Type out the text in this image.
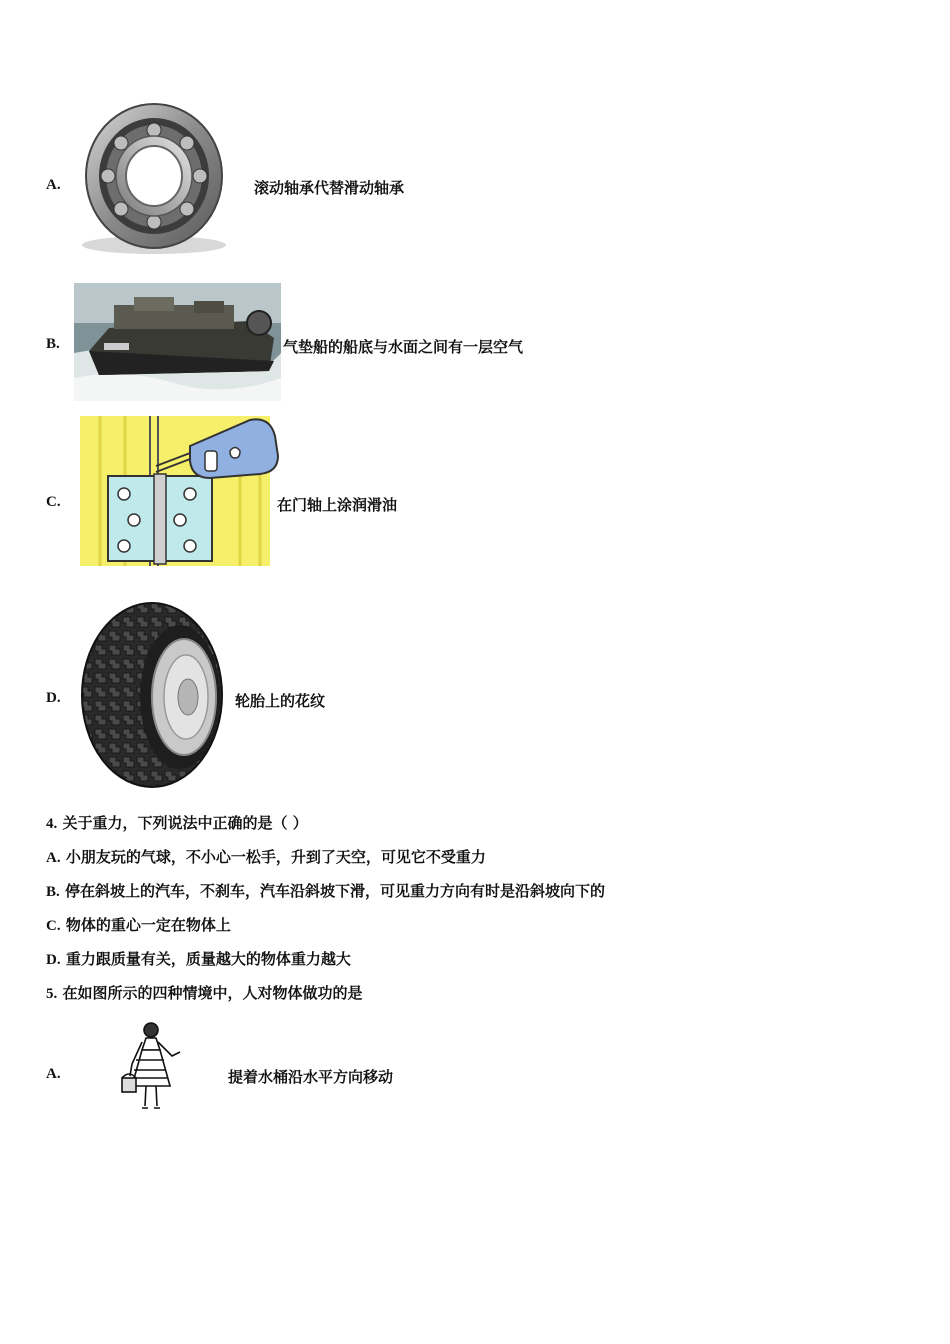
A.	滚动轴承代替滑动轴承
B.	气垫船的船底与水面之间有一层空气
C.	在门轴上涂润滑油
D.	轮胎上的花纹
4. 关于重力，下列说法中正确的是（ ）
A. 小朋友玩的气球，不小心一松手，升到了天空，可见它不受重力
B. 停在斜坡上的汽车，不刹车，汽车沿斜坡下滑，可见重力方向有时是沿斜坡向下的
C. 物体的重心一定在物体上
D. 重力跟质量有关，质量越大的物体重力越大
5. 在如图所示的四种情境中，人对物体做功的是
A.	提着水桶沿水平方向移动
